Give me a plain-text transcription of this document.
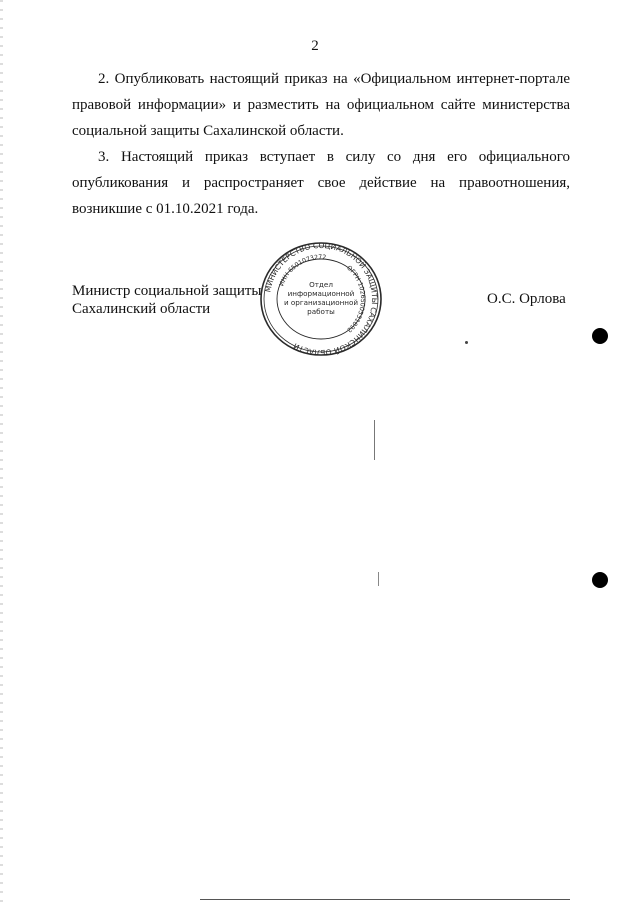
2

2. Опубликовать настоящий приказ на «Официальном интернет-портале правовой информации» и разместить на официальном сайте министерства социальной защиты Сахалинской области.

3. Настоящий приказ вступает в силу со дня его официального опубликования и распространяет свое действие на правоотношения, возникшие с 01.10.2021 года.

Министр социальной защиты
Сахалинский области
МИНИСТЕРСТВО СОЦИАЛЬНОЙ ЗАЩИТЫ САХАЛИНСКОЙ ОБЛАСТИ
ОГРН 1026500531892
ИНН 6501073272
Отдел
информационной
и организационной
работы
О.С. Орлова
